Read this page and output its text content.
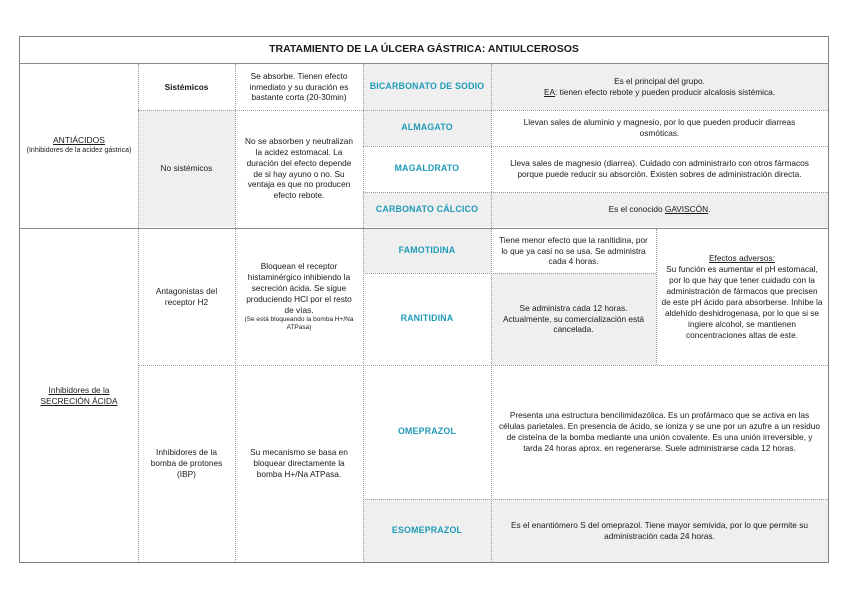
TRATAMIENTO DE LA ÚLCERA GÁSTRICA: ANTIULCEROSOS
ANTIÁCIDOS
(Inhibidores de la acidez gástrica)
Sistémicos
Se absorbe. Tienen efecto inmediato y su duración es bastante corta (20-30min)
BICARBONATO DE SODIO
Es el principal del grupo.
EA: tienen efecto rebote y pueden producir alcalosis sistémica.
No sistémicos
No se absorben y neutralizan la acidez estomacal. La duración del efecto depende de si hay ayuno o no. Su ventaja es que no producen efecto rebote.
ALMAGATO
Llevan sales de aluminio y magnesio, por lo que pueden producir diarreas osmóticas.
MAGALDRATO
Lleva sales de magnesio (diarrea). Cuidado con administrarlo con otros fármacos porque puede reducir su absorción. Existen sobres de administración directa.
CARBONATO CÁLCICO	Es el conocido GAVISCÓN.
Inhibidores de la SECRECIÓN ÁCIDA
Antagonistas del receptor H2
Bloquean el receptor histaminérgico inhibiendo la secreción ácida. Se sigue produciendo HCl por el resto de vías.
(Se está bloqueando la bomba H+/Na ATPasa)
FAMOTIDINA
Tiene menor efecto que la ranitidina, por lo que ya casi no se usa. Se administra cada 4 horas.
RANITIDINA
Se administra cada 12 horas. Actualmente, su comercialización está cancelada.
Efectos adversos:
Su función es aumentar el pH estomacal, por lo que hay que tener cuidado con la administración de fármacos que precisen de este pH ácido para absorberse. Inhibe la aldehído deshidrogenasa, por lo que si se ingiere alcohol, se mantienen concentraciones altas de este.
Inhibidores de la bomba de protones (IBP)
Su mecanismo se basa en bloquear directamente la bomba H+/Na ATPasa.
OMEPRAZOL
Presenta una estructura bencilimidazólica. Es un profármaco que se activa en las células parietales. En presencia de ácido, se ioniza y se une por un azufre a un residuo de cisteína de la bomba mediante una unión covalente. Es una unión irreversible, y tarda 24 horas aprox. en regenerarse. Suele administrarse cada 12 horas.
ESOMEPRAZOL
Es el enantiómero S del omeprazol. Tiene mayor semivida, por lo que permite su administración cada 24 horas.
